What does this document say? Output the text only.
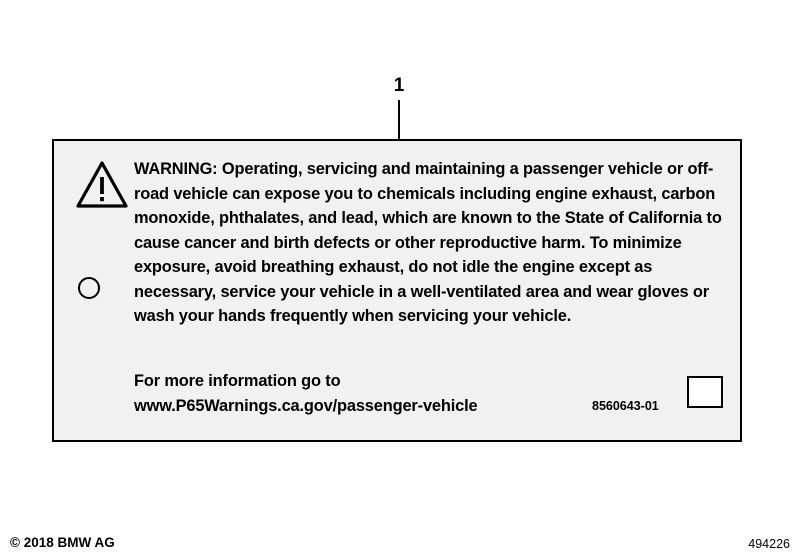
1
WARNING: Operating, servicing and maintaining a passenger vehicle or off-road vehicle can expose you to chemicals including engine exhaust, carbon monoxide, phthalates, and lead, which are known to the State of California to cause cancer and birth defects or other reproductive harm. To minimize exposure, avoid breathing exhaust, do not idle the engine except as necessary, service your vehicle in a well-ventilated area and wear gloves or wash your hands frequently when servicing your vehicle.
For more information go to
www.P65Warnings.ca.gov/passenger-vehicle	8560643-01
© 2018 BMW AG	494226
